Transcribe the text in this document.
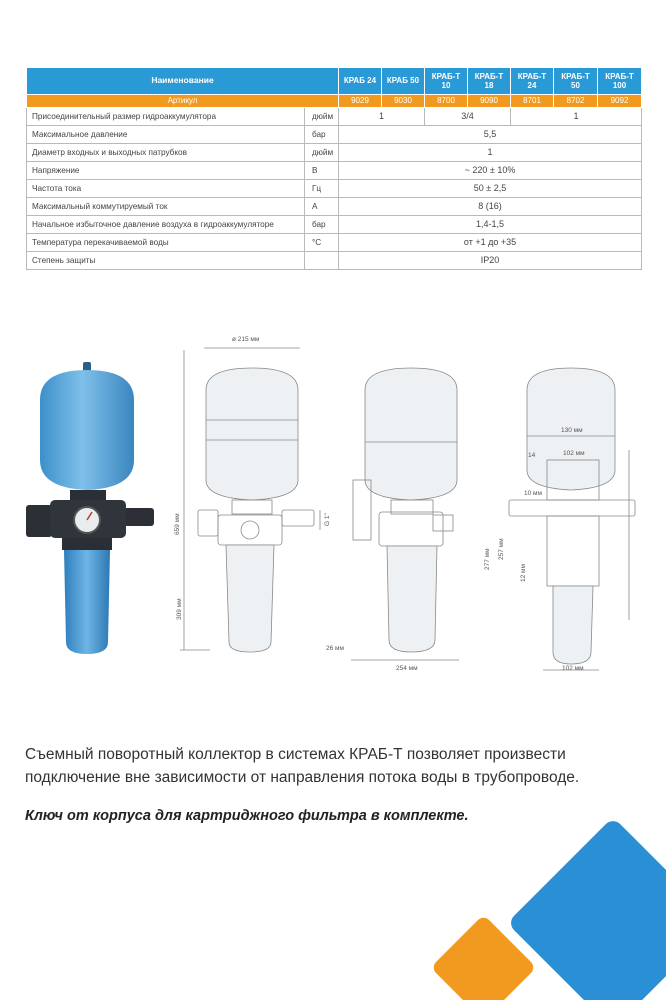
Наименование		КРАБ 24	КРАБ 50	КРАБ-Т 10	КРАБ-Т 18	КРАБ-Т 24	КРАБ-Т 50	КРАБ-Т 100
Артикул		9029	9030	8700	9090	8701	8702	9092
Присоединительный размер гидроаккумулятора	дюйм	1		3/4		1		
Максимальное давление	бар	5,5						
Диаметр входных и выходных патрубков	дюйм	1						
Напряжение	В	~ 220 ± 10%						
Частота тока	Гц	50 ± 2,5						
Максимальный коммутируемый ток	А	8 (16)						
Начальное избыточное давление воздуха в гидроаккумуляторе	бар	1,4-1,5						
Температура перекачиваемой воды	°С	от +1 до +35						
Степень защиты		IP20						
ø 215 мм
659 мм
309 мм
G 1"
26 мм
254 мм
130 мм
102 мм
14
10 мм
257 мм
277 мм
12 мм
102 мм

Съемный поворотный коллектор в системах КРАБ-Т позволяет произвести подключение вне зависимости от направления потока воды в трубопроводе.

Ключ от корпуса для картриджного фильтра в комплекте.
